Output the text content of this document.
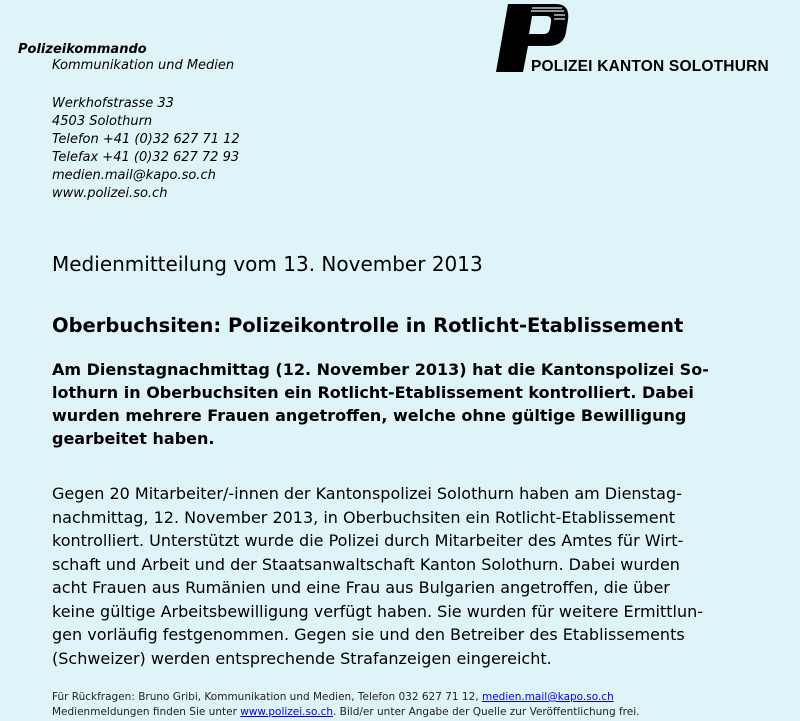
Polizeikommando
Kommunikation und Medien
Werkhofstrasse 33
4503 Solothurn
Telefon +41 (0)32 627 71 12
Telefax +41 (0)32 627 72 93
medien.mail@kapo.so.ch
www.polizei.so.ch
POLIZEI KANTON SOLOTHURN
Medienmitteilung vom 13. November 2013
Oberbuchsiten: Polizeikontrolle in Rotlicht-Etablissement
Am Dienstagnachmittag (12. November 2013) hat die Kantonspolizei So-
lothurn in Oberbuchsiten ein Rotlicht-Etablissement kontrolliert. Dabei
wurden mehrere Frauen angetroffen, welche ohne gültige Bewilligung
gearbeitet haben.
Gegen 20 Mitarbeiter/-innen der Kantonspolizei Solothurn haben am Dienstag-
nachmittag, 12. November 2013, in Oberbuchsiten ein Rotlicht-Etablissement
kontrolliert. Unterstützt wurde die Polizei durch Mitarbeiter des Amtes für Wirt-
schaft und Arbeit und der Staatsanwaltschaft Kanton Solothurn. Dabei wurden
acht Frauen aus Rumänien und eine Frau aus Bulgarien angetroffen, die über
keine gültige Arbeitsbewilligung verfügt haben. Sie wurden für weitere Ermittlun-
gen vorläufig festgenommen. Gegen sie und den Betreiber des Etablissements
(Schweizer) werden entsprechende Strafanzeigen eingereicht.
Für Rückfragen: Bruno Gribi, Kommunikation und Medien, Telefon 032 627 71 12, medien.mail@kapo.so.ch
Medienmeldungen finden Sie unter www.polizei.so.ch. Bild/er unter Angabe der Quelle zur Veröffentlichung frei.
